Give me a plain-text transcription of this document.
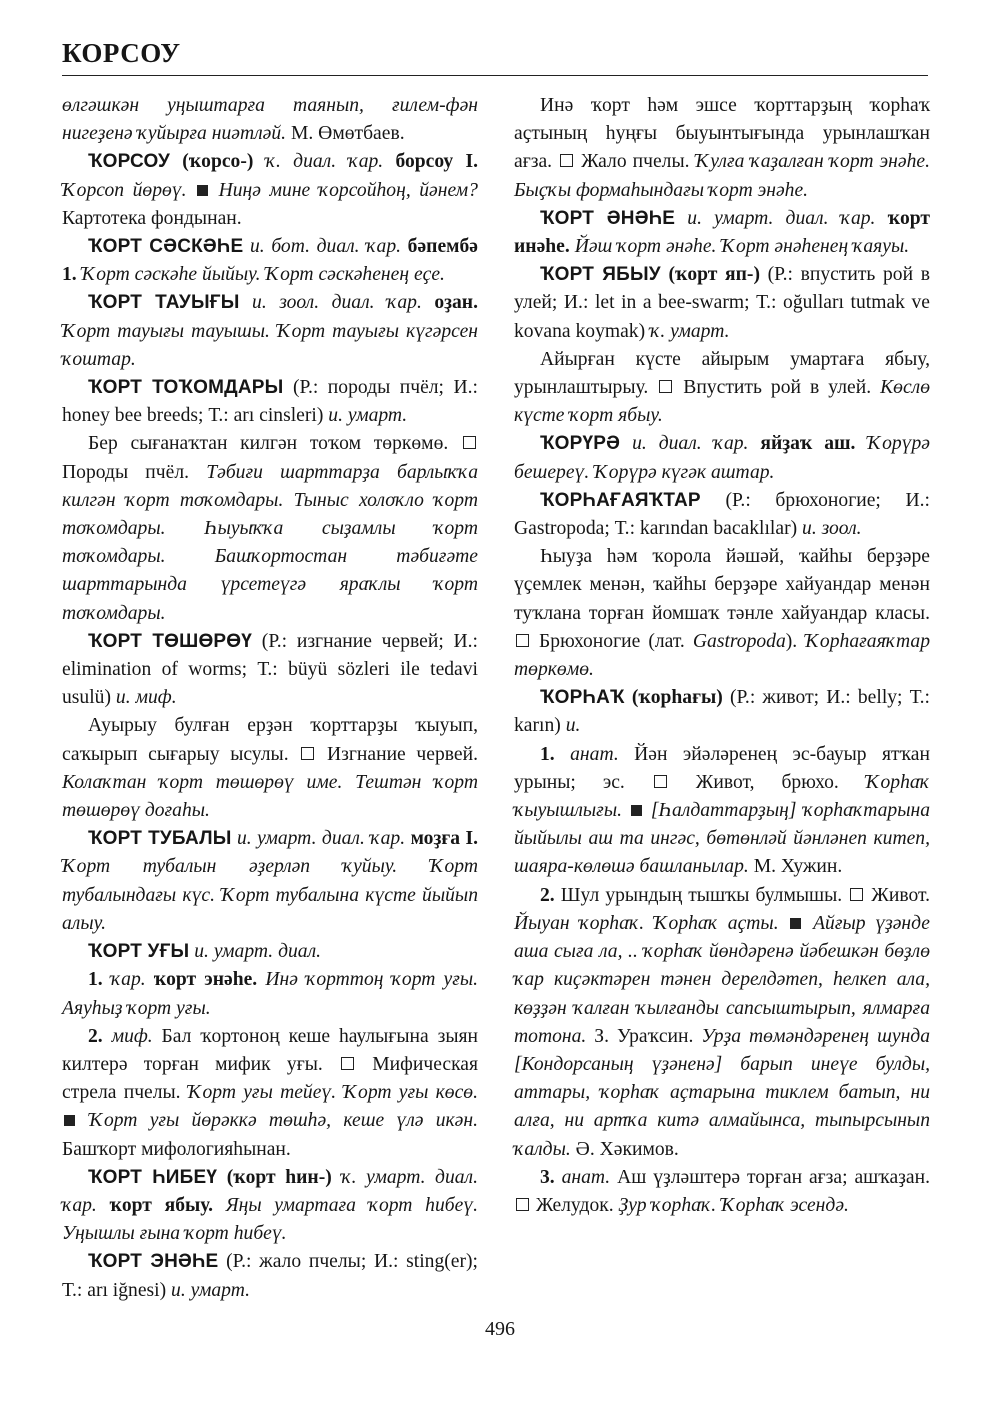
КОРСОУ

өлгәшкән уңыштарға таянып, ғилем-фән нигеҙенә ҡуйырға ниәтләй. М. Өмөтбаев.

ҠОРСОУ (ҡорсо-) ҡ. диал. ҡар. борсоу I. Ҡорсоп йөрөү. Ниңә мине ҡорсойһоң, йәнем? Картотека фондынан.

ҠОРТ СӘСКӘҺЕ и. бот. диал. ҡар. бәпембә 1. Ҡорт сәскәһе йыйыу. Ҡорт сәскәһенең еҫе.

ҠОРТ ТАУЫҒЫ и. зоол. диал. ҡар. оҙан. Ҡорт тауығы тауышы. Ҡорт тауығы күгәрсен ҡоштар.

ҠОРТ ТОҠОМДАРЫ (Р.: породы пчёл; И.: honey bee breeds; Т.: arı cinsleri) и. умарт.

Бер сығанаҡтан килгән тоҡом төркөмө.  Породы пчёл. Тәбиғи шарттарҙа барлыҡҡа килгән ҡорт тоҡомдары. Тыныс холоҡло ҡорт тоҡомдары. Һыуыҡҡа сыҙамлы ҡорт тоҡомдары. Башҡортостан тәбиғәте шарттарында үрсетеүгә яраҡлы ҡорт тоҡомдары.

ҠОРТ ТӨШӨРӨҮ (Р.: изгнание червей; И.: elimination of worms; Т.: büyü sözleri ile tedavi usulü) и. миф.

Ауырыу булған ерҙән ҡорттарҙы ҡыуып, саҡырып сығарыу ысулы.  Изгнание червей. Колаҡтан ҡорт төшөрөү име. Тештән ҡорт төшөрөү доғаһы.

ҠОРТ ТУБАЛЫ и. умарт. диал. ҡар. моҙға I. Ҡорт тубалын әҙерләп ҡуйыу. Ҡорт тубалындағы күс. Ҡорт тубалына күсте йыйып алыу.

ҠОРТ УҒЫ и. умарт. диал.

1. ҡар. ҡорт энәһе. Инә ҡорттоң ҡорт уғы. Аяуһыҙ ҡорт уғы.

2. миф. Бал ҡортоноң кеше һаулығына зыян килтерә торған мифик уғы.  Мифическая стрела пчелы. Ҡорт уғы тейеү. Ҡорт уғы көсө.  Ҡорт уғы йөрәккә төшһә, кеше үлә икән. Башҡорт мифологияһынан.

ҠОРТ ҺИБЕҮ (ҡорт һин-) ҡ. умарт. диал. ҡар. ҡорт ябыу. Яңы умартаға ҡорт һибеү. Уңышлы ғына ҡорт һибеү.

ҠОРТ ЭНӘҺЕ (Р.: жало пчелы; И.: sting(er); Т.: arı iğnesi) и. умарт.

Инә ҡорт һәм эшсе ҡорттарҙың ҡорһаҡ аҫтының һуңғы быуынтығында урынлашҡан ағза.  Жало пчелы. Ҡулға ҡаҙалған ҡорт энәһе. Быҫҡы формаһындағы ҡорт энәһе.

ҠОРТ ӘНӘҺЕ и. умарт. диал. ҡар. ҡорт инәһе. Йәш ҡорт әнәһе. Ҡорт әнәһенең ҡаяуы.

ҠОРТ ЯБЫУ (ҡорт яп-) (Р.: впустить рой в улей; И.: let in a bee-swarm; Т.: oğulları tutmak ve kovana koymak) ҡ. умарт.

Айырған күсте айырым умартаға ябыу, урынлаштырыу.  Впустить рой в улей. Көслө күсте ҡорт ябыу.

ҠОРҮРӘ и. диал. ҡар. яйҙаҡ аш. Ҡорүрә бешереү. Ҡорүрә күгәк аштар.

ҠОРҺАҒАЯҠТАР (Р.: брюхоногие; И.: Gastropoda; Т.: karından bacaklılar) и. зоол.

Һыуҙа һәм ҡорола йәшәй, ҡайһы берҙәре үҫемлек менән, ҡайһы берҙәре хайуандар менән туҡлана торған йомшаҡ тәнле хайуандар класы.  Брюхоногие (лат. Gastropoda). Ҡорһағаяҡтар төркөмө.

ҠОРҺАҠ (ҡорһағы) (Р.: живот; И.: belly; Т.: karın) и.

1. анат. Йән эйәләренең эс-бауыр ятҡан урыны; эс.  Живот, брюхо. Ҡорһаҡ ҡыуышлығы. [Һалдаттарҙың] ҡорһаҡтарына йыйылы аш та ингәс, бөтөнләй йәнләнеп китеп, шаяра-көлөшә башланылар. М. Хужин.

2. Шул урындың тышҡы булмышы.  Живот. Йыуан ҡорһаҡ. Ҡорһаҡ аҫты. Айғыр үҙәнде аша сыға ла, .. ҡорһаҡ йөндәренә йәбешкән бөҙлө ҡар киҫәктәрен тәнен дерелдәтеп, һелкеп ала, көҙҙән ҡалған ҡылғанды сапсыштырып, ялмарға тотона. З. Ураҡсин. Урҙа төмәндәренең шунда [Кондорсаның үҙәненә] барып инеүе булды, аттары, ҡорһаҡ аҫтарына тиклем батып, ни алға, ни артҡа китә алмайынса, тыпырсынып ҡалды. Ә. Хәкимов.

3. анат. Аш үҙләштерә торған ағза; ашҡаҙан.  Желудок. Ҙур ҡорһаҡ. Ҡорһаҡ эсендә.

496
